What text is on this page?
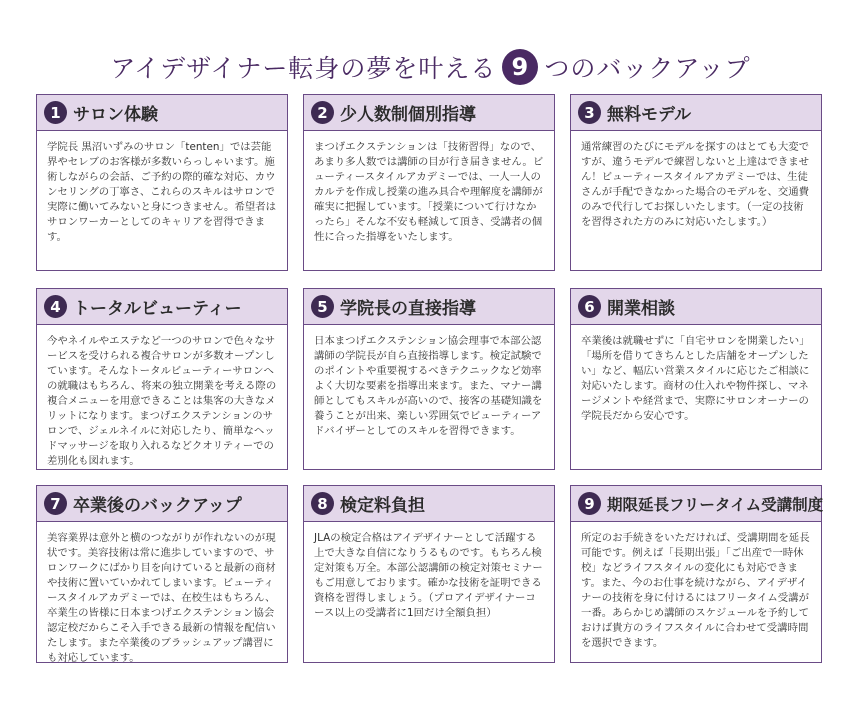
アイデザイナー転身の夢を叶える 9 つのバックアップ
1 サロン体験
学院長 黒沼いずみのサロン「tenten」では芸能界やセレブのお客様が多数いらっしゃいます。施術しながらの会話、ご予約の際的確な対応、カウンセリングの丁寧さ、これらのスキルはサロンで実際に働いてみないと身につきません。希望者はサロンワーカーとしてのキャリアを習得できます。
2 少人数制個別指導
まつげエクステンションは「技術習得」なので、あまり多人数では講師の目が行き届きません。ビューティースタイルアカデミーでは、一人一人のカルテを作成し授業の進み具合や理解度を講師が確実に把握しています。「授業について行けなかったら」そんな不安も軽減して頂き、受講者の個性に合った指導をいたします。
3 無料モデル
通常練習のたびにモデルを探すのはとても大変ですが、違うモデルで練習しないと上達はできません！ビューティースタイルアカデミーでは、生徒さんが手配できなかった場合のモデルを、交通費のみで代行してお探しいたします。（一定の技術を習得された方のみに対応いたします。）
4 トータルビューティー
今やネイルやエステなど一つのサロンで色々なサービスを受けられる複合サロンが多数オープンしています。そんなトータルビューティーサロンへの就職はもちろん、将来の独立開業を考える際の複合メニューを用意できることは集客の大きなメリットになります。まつげエクステンションのサロンで、ジェルネイルに対応したり、簡単なヘッドマッサージを取り入れるなどクオリティーでの差別化も図れます。
5 学院長の直接指導
日本まつげエクステンション協会理事で本部公認講師の学院長が自ら直接指導します。検定試験でのポイントや重要視するべきテクニックなど効率よく大切な要素を指導出来ます。また、マナー講師としてもスキルが高いので、接客の基礎知識を養うことが出来、楽しい雰囲気でビューティーアドバイザーとしてのスキルを習得できます。
6 開業相談
卒業後は就職せずに「自宅サロンを開業したい」「場所を借りてきちんとした店舗をオープンしたい」など、幅広い営業スタイルに応じたご相談に対応いたします。商材の仕入れや物件探し、マネージメントや経営まで、実際にサロンオーナーの学院長だから安心です。
7 卒業後のバックアップ
美容業界は意外と横のつながりが作れないのが現状です。美容技術は常に進歩していますので、サロンワークにばかり目を向けていると最新の商材や技術に置いていかれてしまいます。ビューティースタイルアカデミーでは、在校生はもちろん、卒業生の皆様に日本まつげエクステンション協会認定校だからこそ入手できる最新の情報を配信いたします。また卒業後のブラッシュアップ講習にも対応しています。
8 検定料負担
JLAの検定合格はアイデザイナーとして活躍する上で大きな自信になりうるものです。もちろん検定対策も万全。本部公認講師の検定対策セミナーもご用意しております。確かな技術を証明できる資格を習得しましょう。（プロアイデザイナーコース以上の受講者に1回だけ全額負担）
9 期限延長フリータイム受講制度
所定のお手続きをいただければ、受講期間を延長可能です。例えば「長期出張」「ご出産で一時休校」などライフスタイルの変化にも対応できます。また、今のお仕事を続けながら、アイデザイナーの技術を身に付けるにはフリータイム受講が一番。あらかじめ講師のスケジュールを予約しておけば貴方のライフスタイルに合わせて受講時間を選択できます。
